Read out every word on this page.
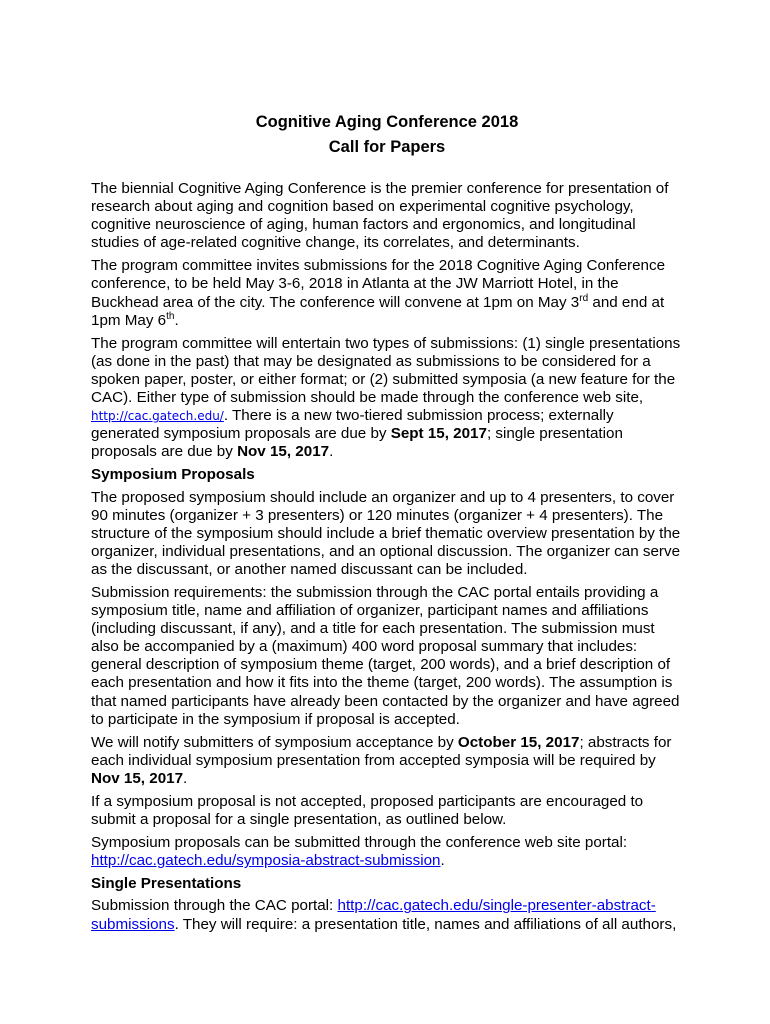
Cognitive Aging Conference 2018
Call for Papers

The biennial Cognitive Aging Conference is the premier conference for presentation of research about aging and cognition based on experimental cognitive psychology, cognitive neuroscience of aging, human factors and ergonomics, and longitudinal studies of age-related cognitive change, its correlates, and determinants.

The program committee invites submissions for the 2018 Cognitive Aging Conference conference, to be held May 3-6, 2018 in Atlanta at the JW Marriott Hotel, in the Buckhead area of the city. The conference will convene at 1pm on May 3rd and end at 1pm May 6th.

The program committee will entertain two types of submissions: (1) single presentations (as done in the past) that may be designated as submissions to be considered for a spoken paper, poster, or either format; or (2) submitted symposia (a new feature for the CAC). Either type of submission should be made through the conference web site, http://cac.gatech.edu/. There is a new two-tiered submission process; externally generated symposium proposals are due by Sept 15, 2017; single presentation proposals are due by Nov 15, 2017.

Symposium Proposals

The proposed symposium should include an organizer and up to 4 presenters, to cover 90 minutes (organizer + 3 presenters) or 120 minutes (organizer + 4 presenters). The structure of the symposium should include a brief thematic overview presentation by the organizer, individual presentations, and an optional discussion. The organizer can serve as the discussant, or another named discussant can be included.

Submission requirements: the submission through the CAC portal entails providing a symposium title, name and affiliation of organizer, participant names and affiliations (including discussant, if any), and a title for each presentation. The submission must also be accompanied by a (maximum) 400 word proposal summary that includes: general description of symposium theme (target, 200 words), and a brief description of each presentation and how it fits into the theme (target, 200 words). The assumption is that named participants have already been contacted by the organizer and have agreed to participate in the symposium if proposal is accepted.

We will notify submitters of symposium acceptance by October 15, 2017; abstracts for each individual symposium presentation from accepted symposia will be required by Nov 15, 2017.

If a symposium proposal is not accepted, proposed participants are encouraged to submit a proposal for a single presentation, as outlined below.

Symposium proposals can be submitted through the conference web site portal: http://cac.gatech.edu/symposia-abstract-submission.

Single Presentations

Submission through the CAC portal: http://cac.gatech.edu/single-presenter-abstract-submissions. They will require: a presentation title, names and affiliations of all authors,
